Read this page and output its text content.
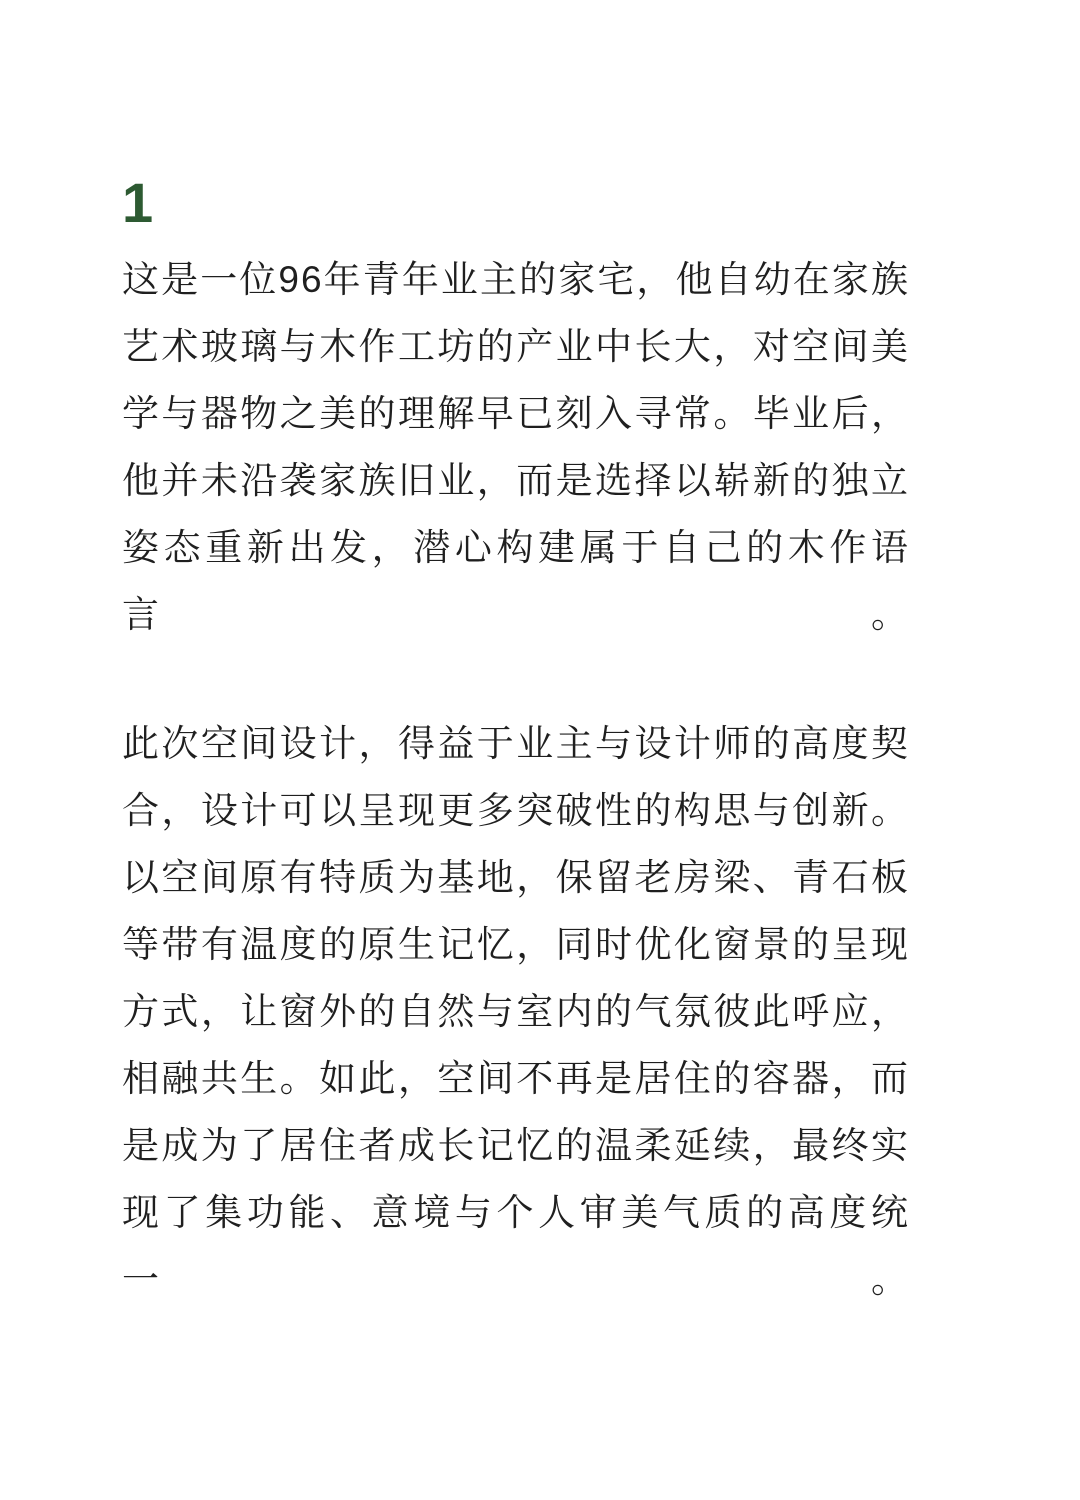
1

这是一位96年青年业主的家宅，他自幼在家族
艺术玻璃与木作工坊的产业中长大，对空间美
学与器物之美的理解早已刻入寻常。毕业后，
他并未沿袭家族旧业，而是选择以崭新的独立
姿态重新出发，潜心构建属于自己的木作语言。

此次空间设计，得益于业主与设计师的高度契
合，设计可以呈现更多突破性的构思与创新。
以空间原有特质为基地，保留老房梁、青石板
等带有温度的原生记忆，同时优化窗景的呈现
方式，让窗外的自然与室内的气氛彼此呼应，
相融共生。如此，空间不再是居住的容器，而
是成为了居住者成长记忆的温柔延续，最终实
现了集功能、意境与个人审美气质的高度统一。
